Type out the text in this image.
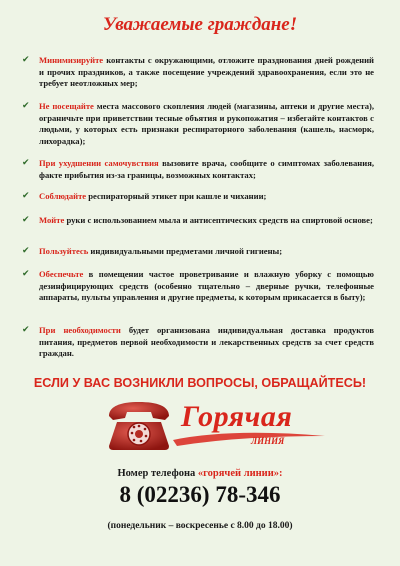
Уважаемые граждане!
✔ Минимизируйте контакты с окружающими, отложите празднования дней рождений и прочих праздников, а также посещение учреждений здравоохранения, если это не требует неотложных мер;
✔ Не посещайте места массового скопления людей (магазины, аптеки и другие места), ограничьте при приветствии тесные объятия и рукопожатия – избегайте контактов с людьми, у которых есть признаки респираторного заболевания (кашель, насморк, лихорадка);
✔ При ухудшении самочувствия вызовите врача, сообщите о симптомах заболевания, факте прибытия из-за границы, возможных контактах;
✔ Соблюдайте респираторный этикет при кашле и чихании;
✔ Мойте руки с использованием мыла и антисептических средств на спиртовой основе;
✔ Пользуйтесь индивидуальными предметами личной гигиены;
✔ Обеспечьте в помещении частое проветривание и влажную уборку с помощью дезинфицирующих средств (особенно тщательно – дверные ручки, телефонные аппараты, пульты управления и другие предметы, к которым прикасается в быту);
✔ При необходимости будет организована индивидуальная доставка продуктов питания, предметов первой необходимости и лекарственных средств за счет средств граждан.
ЕСЛИ У ВАС ВОЗНИКЛИ ВОПРОСЫ, ОБРАЩАЙТЕСЬ!
Горячая
ЛИНИЯ
Номер телефона «горячей линии»:
8 (02236) 78-346
(понедельник – воскресенье с 8.00 до 18.00)
